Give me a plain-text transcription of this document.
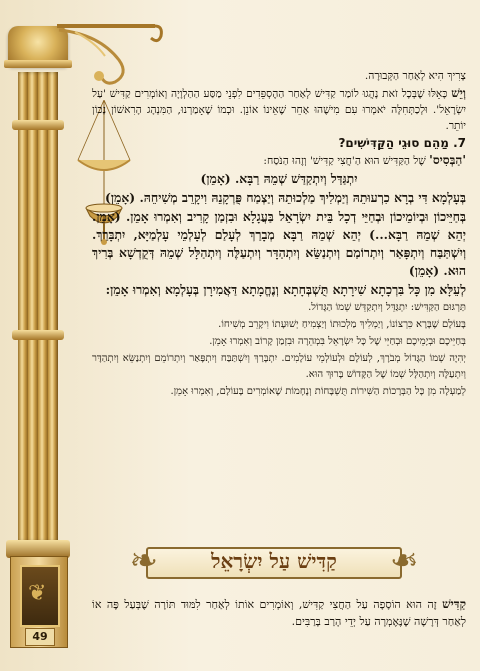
❦
49

צָרִיךְ הִיא לְאַחַר הַקְּבוּרָה.

וְיֵשׁ כָּאֵלּוּ שֶׁבְּכָל זֹאת נָהֲגוּ לוֹמַר קַדִּישׁ לְאַחַר הַהֶסְפֵּדִים לִפְנֵי מַסַּע הַהַלְוָיָה וְאוֹמְרִים קַדִּישׁ 'עַל יִשְׂרָאֵל'. וּלְכַתְּחִלָּה יֹאמְרוּ עִם מִישֶׁהוּ אַחֵר שֶׁאֵינוֹ אוֹנֵן. וּכְמוֹ שֶׁאָמַרְנוּ, הַמִּנְהָג הָרִאשׁוֹן נָכוֹן יוֹתֵר.

7. מַהֵם סוּגֵי הַקַּדִּישִׁים?

'הַבְּסִיס' שֶׁל הַקַּדִּישׁ הוּא הַ'חֲצִי קַדִּישׁ' וְזֶהוּ הַנֹּסַח:

יִתְגַּדַּל וְיִתְקַדַּשׁ שְׁמֵהּ רַבָּא. (אָמֵן)

בְּעָלְמָא דִּי בְרָא כִרְעוּתֵהּ וְיַמְלִיךְ מַלְכוּתֵהּ וְיַצְמַח פֻּרְקָנֵהּ וִיקָרֵב מְשִׁיחֵהּ. (אָמֵן)

בְּחַיֵּיכוֹן וּבְיוֹמֵיכוֹן וּבְחַיֵּי דְכָל בֵּית יִשְׂרָאֵל בַּעֲגָלָא וּבִזְמַן קָרִיב וְאִמְרוּ אָמֵן. (אָמֵן. יְהֵא שְׁמֵהּ רַבָּא...) יְהֵא שְׁמֵהּ רַבָּא מְבָרַךְ לְעָלַם לְעָלְמֵי עָלְמַיָּא, יִתְבָּרַךְ. וְיִשְׁתַּבַּח וְיִתְפָּאַר וְיִתְרוֹמַם וְיִתְנַשֵּׂא וְיִתְהַדָּר וְיִתְעַלֶּה וְיִתְהַלָּל שְׁמֵהּ דְּקֻדְשָׁא בְּרִיךְ הוּא. (אָמֵן)

לְעֵלָּא מִן כָּל בִּרְכָתָא שִׁירָתָא תֻּשְׁבְּחָתָא וְנֶחֱמָתָא דַּאֲמִירָן בְּעָלְמָא וְאִמְרוּ אָמֵן:

תַּרְגּוּם הַקַּדִּישׁ: יִתְגַּדֵּל וְיִתְקַדֵּשׁ שְׁמוֹ הַגָּדוֹל.

בָּעוֹלָם שֶׁבָּרָא כִּרְצוֹנוֹ, וְיַמְלִיךְ מַלְכוּתוֹ וְיַצְמִיחַ יְשׁוּעָתוֹ וִיקָרֵב מְשִׁיחוֹ.

בְּחַיֵּיכֶם וּבְיָמֵיכֶם וּבְחַיֵּי שֶׁל כָּל יִשְׂרָאֵל בִּמְהֵרָה וּבִזְמַן קָרוֹב וְאִמְרוּ אָמֵן.

יְהִיֶה שְׁמוֹ הַגָּדוֹל מְבֹרָךְ, לְעוֹלָם וּלְעוֹלְמֵי עוֹלָמִים. יִתְבָּרַךְ וְיִשְׁתַּבַּח וְיִתְפָּאַר וְיִתְרוֹמֵם וְיִתְנַשֵּׂא וְיִתְהַדָּר וְיִתְעַלֶּה וְיִתְהַלָּל שְׁמוֹ שֶׁל הַקָּדוֹשׁ בָּרוּךְ הוּא.

לְמַעְלָה מִן כָּל הַבְּרָכוֹת הַשִּׁירוֹת תֻּשְׁבָּחוֹת וְנֶחָמוֹת שֶׁאוֹמְרִים בָּעוֹלָם, וְאִמְרוּ אָמֵן.

❧	❧
קַדִּישׁ עַל יִשְׂרָאֵל
קַדִּישׁ זֶה הוּא הוֹסָפָה עַל הַחֲצִי קַדִּישׁ, וְאוֹמְרִים אוֹתוֹ לְאַחַר לִמּוּד תּוֹרָה שֶׁבְּעַל פֶּה אוֹ לְאַחַר דְּרָשָׁה שֶׁנֶּאֶמְרָה עַל יְדֵי הָרַב בָּרַבִּים.
